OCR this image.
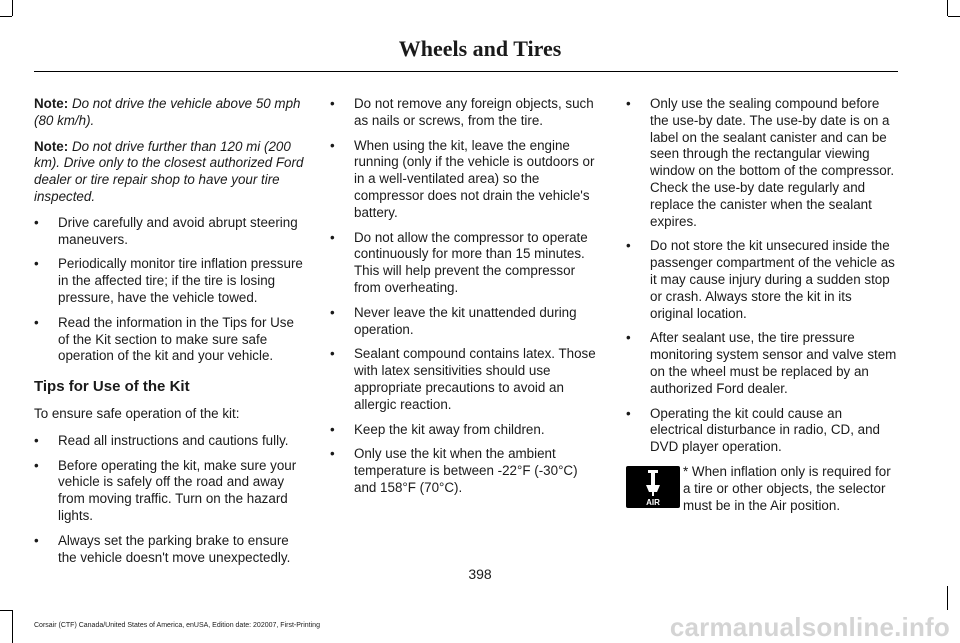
Wheels and Tires

Note: Do not drive the vehicle above 50 mph (80 km/h).

Note: Do not drive further than 120 mi (200 km). Drive only to the closest authorized Ford dealer or tire repair shop to have your tire inspected.

• Drive carefully and avoid abrupt steering maneuvers.
• Periodically monitor tire inflation pressure in the affected tire; if the tire is losing pressure, have the vehicle towed.
• Read the information in the Tips for Use of the Kit section to make sure safe operation of the kit and your vehicle.
Tips for Use of the Kit

To ensure safe operation of the kit:

• Read all instructions and cautions fully.
• Before operating the kit, make sure your vehicle is safely off the road and away from moving traffic. Turn on the hazard lights.
• Always set the parking brake to ensure the vehicle doesn't move unexpectedly.
• Do not remove any foreign objects, such as nails or screws, from the tire.
• When using the kit, leave the engine running (only if the vehicle is outdoors or in a well-ventilated area) so the compressor does not drain the vehicle's battery.
• Do not allow the compressor to operate continuously for more than 15 minutes. This will help prevent the compressor from overheating.
• Never leave the kit unattended during operation.
• Sealant compound contains latex. Those with latex sensitivities should use appropriate precautions to avoid an allergic reaction.
• Keep the kit away from children.
• Only use the kit when the ambient temperature is between -22°F (-30°C) and 158°F (70°C).
• Only use the sealing compound before the use-by date. The use-by date is on a label on the sealant canister and can be seen through the rectangular viewing window on the bottom of the compressor. Check the use-by date regularly and replace the canister when the sealant expires.
• Do not store the kit unsecured inside the passenger compartment of the vehicle as it may cause injury during a sudden stop or crash. Always store the kit in its original location.
• After sealant use, the tire pressure monitoring system sensor and valve stem on the wheel must be replaced by an authorized Ford dealer.
• Operating the kit could cause an electrical disturbance in radio, CD, and DVD player operation.
AIR
* When inflation only is required for a tire or other objects, the selector must be in the Air position.
398
Corsair (CTF) Canada/United States of America, enUSA, Edition date: 202007, First-Printing	carmanualsonline.info
